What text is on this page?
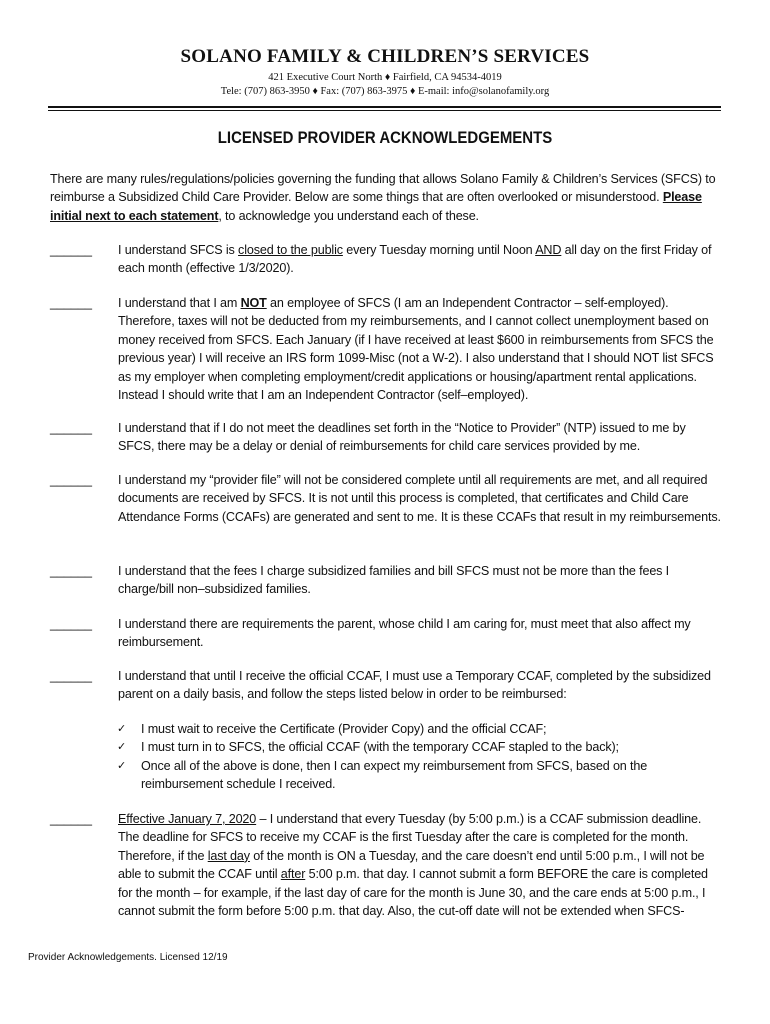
SOLANO FAMILY & CHILDREN’S SERVICES
421 Executive Court North ♦ Fairfield, CA 94534-4019
Tele: (707) 863-3950 ♦ Fax: (707) 863-3975 ♦ E-mail: info@solanofamily.org
LICENSED PROVIDER ACKNOWLEDGEMENTS
There are many rules/regulations/policies governing the funding that allows Solano Family & Children’s Services (SFCS) to reimburse a Subsidized Child Care Provider. Below are some things that are often overlooked or misunderstood. Please initial next to each statement, to acknowledge you understand each of these.
______ I understand SFCS is closed to the public every Tuesday morning until Noon AND all day on the first Friday of each month (effective 1/3/2020).
______ I understand that I am NOT an employee of SFCS (I am an Independent Contractor – self-employed). Therefore, taxes will not be deducted from my reimbursements, and I cannot collect unemployment based on money received from SFCS. Each January (if I have received at least $600 in reimbursements from SFCS the previous year) I will receive an IRS form 1099-Misc (not a W-2). I also understand that I should NOT list SFCS as my employer when completing employment/credit applications or housing/apartment rental applications. Instead I should write that I am an Independent Contractor (self–employed).
______ I understand that if I do not meet the deadlines set forth in the “Notice to Provider” (NTP) issued to me by SFCS, there may be a delay or denial of reimbursements for child care services provided by me.
______ I understand my “provider file” will not be considered complete until all requirements are met, and all required documents are received by SFCS. It is not until this process is completed, that certificates and Child Care Attendance Forms (CCAFs) are generated and sent to me. It is these CCAFs that result in my reimbursements.
______ I understand that the fees I charge subsidized families and bill SFCS must not be more than the fees I charge/bill non–subsidized families.
______ I understand there are requirements the parent, whose child I am caring for, must meet that also affect my reimbursement.
______ I understand that until I receive the official CCAF, I must use a Temporary CCAF, completed by the subsidized parent on a daily basis, and follow the steps listed below in order to be reimbursed:
✓ I must wait to receive the Certificate (Provider Copy) and the official CCAF;
✓ I must turn in to SFCS, the official CCAF (with the temporary CCAF stapled to the back);
✓ Once all of the above is done, then I can expect my reimbursement from SFCS, based on the reimbursement schedule I received.
______ Effective January 7, 2020 – I understand that every Tuesday (by 5:00 p.m.) is a CCAF submission deadline. The deadline for SFCS to receive my CCAF is the first Tuesday after the care is completed for the month. Therefore, if the last day of the month is ON a Tuesday, and the care doesn’t end until 5:00 p.m., I will not be able to submit the CCAF until after 5:00 p.m. that day. I cannot submit a form BEFORE the care is completed for the month – for example, if the last day of care for the month is June 30, and the care ends at 5:00 p.m., I cannot submit the form before 5:00 p.m. that day. Also, the cut-off date will not be extended when SFCS-
Provider Acknowledgements. Licensed 12/19
